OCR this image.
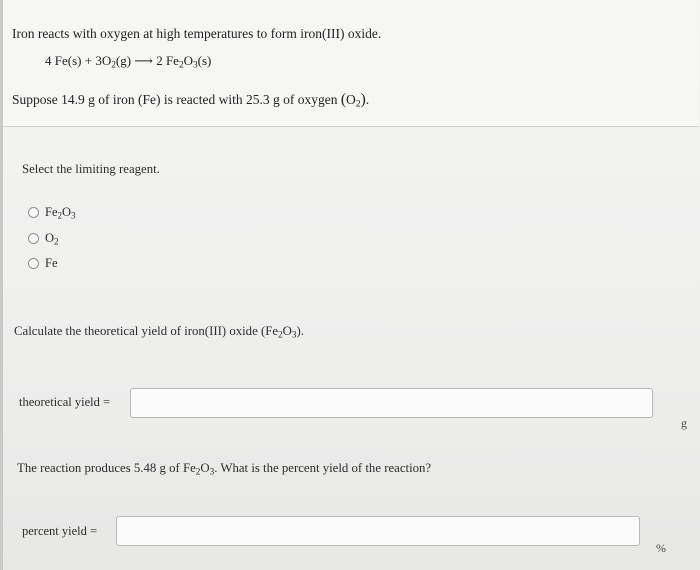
Iron reacts with oxygen at high temperatures to form iron(III) oxide.
4 $Fe(s) + 3O_2(g)$ ⟶ 2 $Fe_2O_3(s)$
Suppose 14.9 g of iron (Fe) is reacted with 25.3 g of oxygen $(O_2)$.
Select the limiting reagent.
$Fe_2O_3$
$O_2$
Fe
Calculate the theoretical yield of iron(III) oxide $(Fe_2O_3)$.
theoretical yield =
g
The reaction produces 5.48 g of $Fe_2O_3$. What is the percent yield of the reaction?
percent yield =
%
